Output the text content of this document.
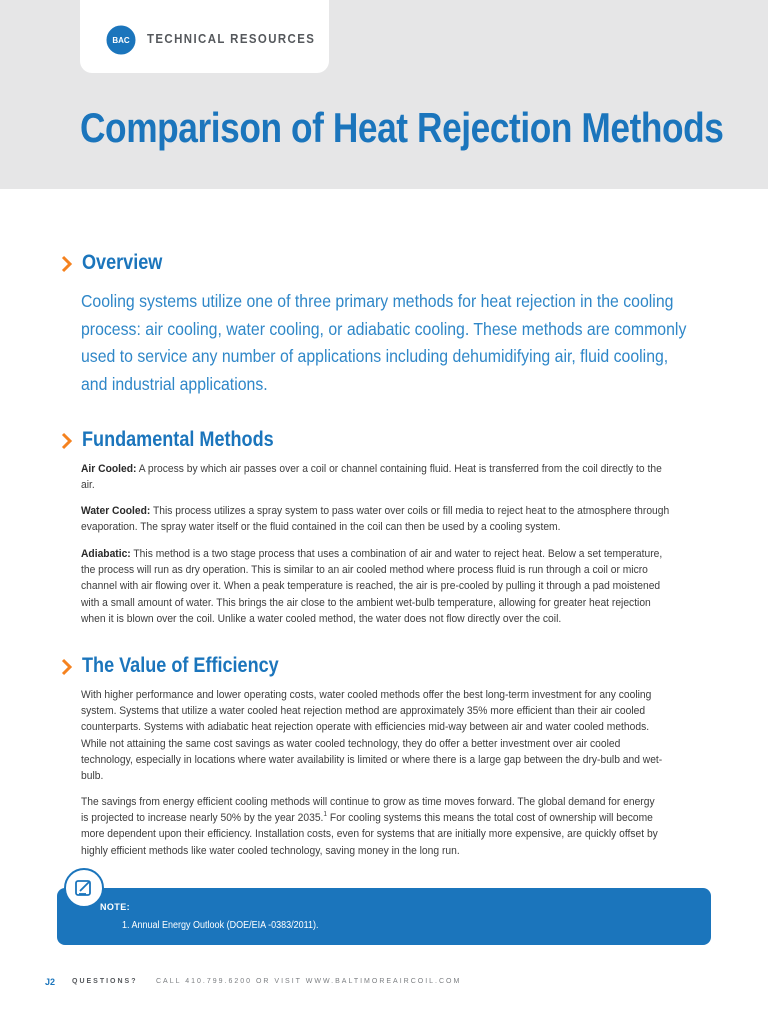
BAC TECHNICAL RESOURCES
Comparison of Heat Rejection Methods
Overview
Cooling systems utilize one of three primary methods for heat rejection in the cooling
process: air cooling, water cooling, or adiabatic cooling. These methods are commonly
used to service any number of applications including dehumidifying air, fluid cooling,
and industrial applications.
Fundamental Methods
Air Cooled: A process by which air passes over a coil or channel containing fluid. Heat is transferred from the coil directly to the
air.
Water Cooled: This process utilizes a spray system to pass water over coils or fill media to reject heat to the atmosphere through
evaporation. The spray water itself or the fluid contained in the coil can then be used by a cooling system.
Adiabatic: This method is a two stage process that uses a combination of air and water to reject heat. Below a set temperature,
the process will run as dry operation. This is similar to an air cooled method where process fluid is run through a coil or micro
channel with air flowing over it. When a peak temperature is reached, the air is pre-cooled by pulling it through a pad moistened
with a small amount of water. This brings the air close to the ambient wet-bulb temperature, allowing for greater heat rejection
when it is blown over the coil. Unlike a water cooled method, the water does not flow directly over the coil.
The Value of Efficiency
With higher performance and lower operating costs, water cooled methods offer the best long-term investment for any cooling
system. Systems that utilize a water cooled heat rejection method are approximately 35% more efficient than their air cooled
counterparts. Systems with adiabatic heat rejection operate with efficiencies mid-way between air and water cooled methods.
While not attaining the same cost savings as water cooled technology, they do offer a better investment over air cooled
technology, especially in locations where water availability is limited or where there is a large gap between the dry-bulb and wet-
bulb.
The savings from energy efficient cooling methods will continue to grow as time moves forward. The global demand for energy
is projected to increase nearly 50% by the year 2035.$^1$ For cooling systems this means the total cost of ownership will become
more dependent upon their efficiency. Installation costs, even for systems that are initially more expensive, are quickly offset by
highly efficient methods like water cooled technology, saving money in the long run.
NOTE:
1. Annual Energy Outlook (DOE/EIA -0383/2011).
J2 QUESTIONS?	CALL 410.799.6200 OR VISIT WWW.BALTIMOREAIRCOIL.COM
